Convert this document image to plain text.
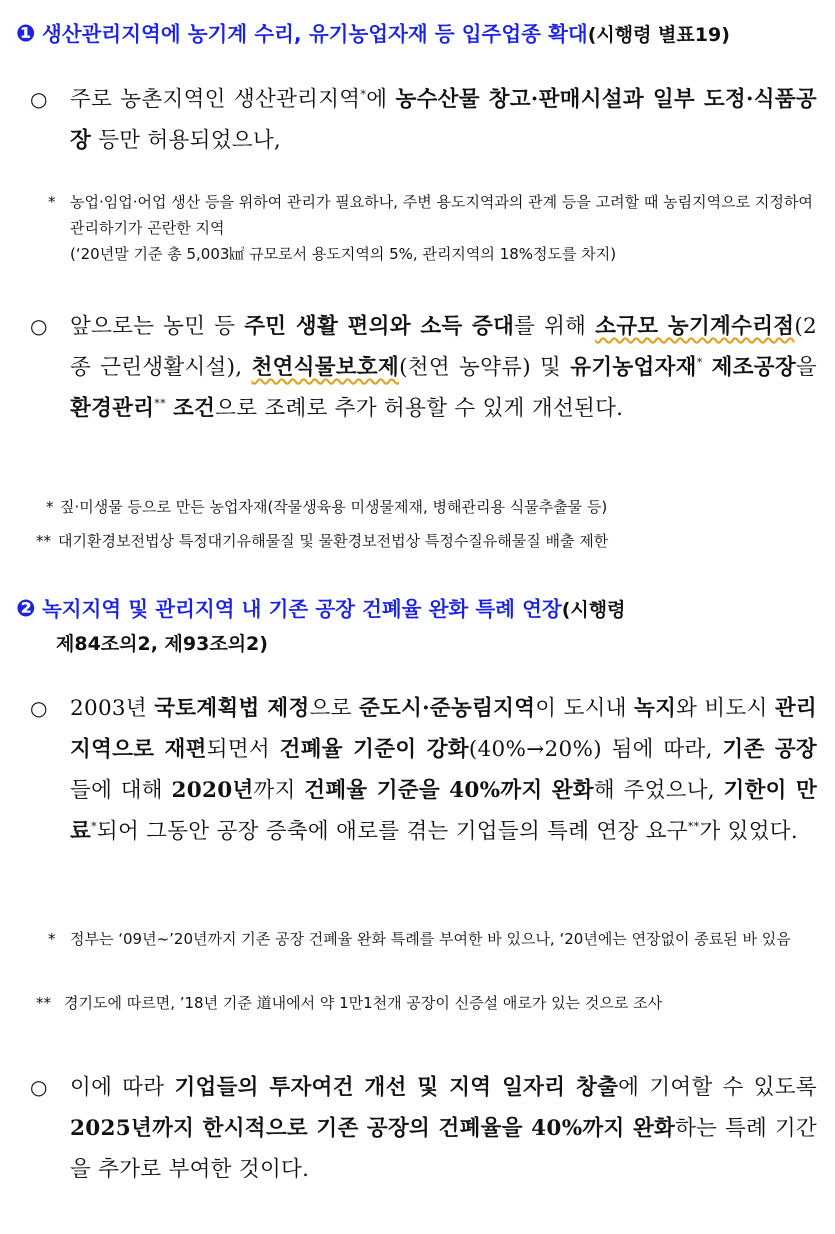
❶ 생산관리지역에 농기계 수리, 유기농업자재 등 입주업종 확대(시행령 별표19)
○	주로 농촌지역인 생산관리지역*에 농수산물 창고·판매시설과 일부 도정·식품공장 등만 허용되었으나,
* 농업·임업·어업 생산 등을 위하여 관리가 필요하나, 주변 용도지역과의 관계 등을 고려할 때 농림지역으로 지정하여 관리하기가 곤란한 지역
(‘20년말 기준 총 5,003㎢ 규모로서 용도지역의 5%, 관리지역의 18%정도를 차지)
○	앞으로는 농민 등 주민 생활 편의와 소득 증대를 위해 소규모 농기계수리점(2종 근린생활시설), 천연식물보호제(천연 농약류) 및 유기농업자재* 제조공장을 환경관리** 조건으로 조례로 추가 허용할 수 있게 개선된다.
* 짚·미생물 등으로 만든 농업자재(작물생육용 미생물제재, 병해관리용 식물추출물 등)
** 대기환경보전법상 특정대기유해물질 및 물환경보전법상 특정수질유해물질 배출 제한
❷ 녹지지역 및 관리지역 내 기존 공장 건폐율 완화 특례 연장(시행령
제84조의2, 제93조의2)
○	2003년 국토계획법 제정으로 준도시·준농림지역이 도시내 녹지와 비도시 관리지역으로 재편되면서 건폐율 기준이 강화(40%→20%) 됨에 따라, 기존 공장들에 대해 2020년까지 건폐율 기준을 40%까지 완화해 주었으나, 기한이 만료*되어 그동안 공장 증축에 애로를 겪는 기업들의 특례 연장 요구**가 있었다.
* 정부는 ‘09년~’20년까지 기존 공장 건폐율 완화 특례를 부여한 바 있으나, ‘20년에는 연장없이 종료된 바 있음
** 경기도에 따르면, ’18년 기준 道내에서 약 1만1천개 공장이 신증설 애로가 있는 것으로 조사
○	이에 따라 기업들의 투자여건 개선 및 지역 일자리 창출에 기여할 수 있도록 2025년까지 한시적으로 기존 공장의 건폐율을 40%까지 완화하는 특례 기간을 추가로 부여한 것이다.
